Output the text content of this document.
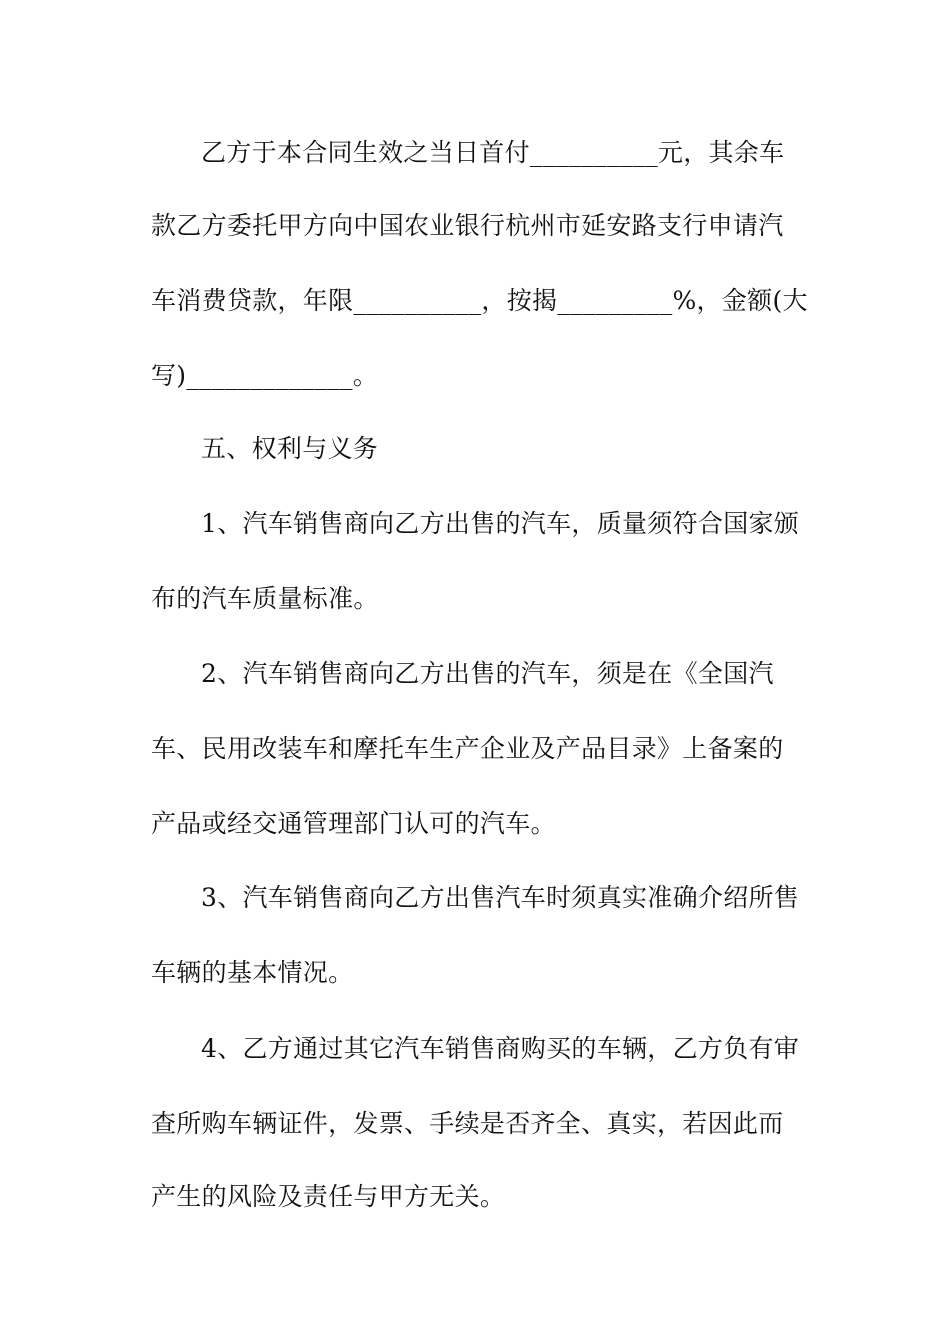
乙方于本合同生效之当日首付__________元，其余车
款乙方委托甲方向中国农业银行杭州市延安路支行申请汽
车消费贷款，年限__________，按揭_________%，金额(大
写)_____________。
五、权利与义务
1、汽车销售商向乙方出售的汽车，质量须符合国家颁
布的汽车质量标准。
2、汽车销售商向乙方出售的汽车，须是在《全国汽
车、民用改装车和摩托车生产企业及产品目录》上备案的
产品或经交通管理部门认可的汽车。
3、汽车销售商向乙方出售汽车时须真实准确介绍所售
车辆的基本情况。
4、乙方通过其它汽车销售商购买的车辆，乙方负有审
查所购车辆证件，发票、手续是否齐全、真实，若因此而
产生的风险及责任与甲方无关。
